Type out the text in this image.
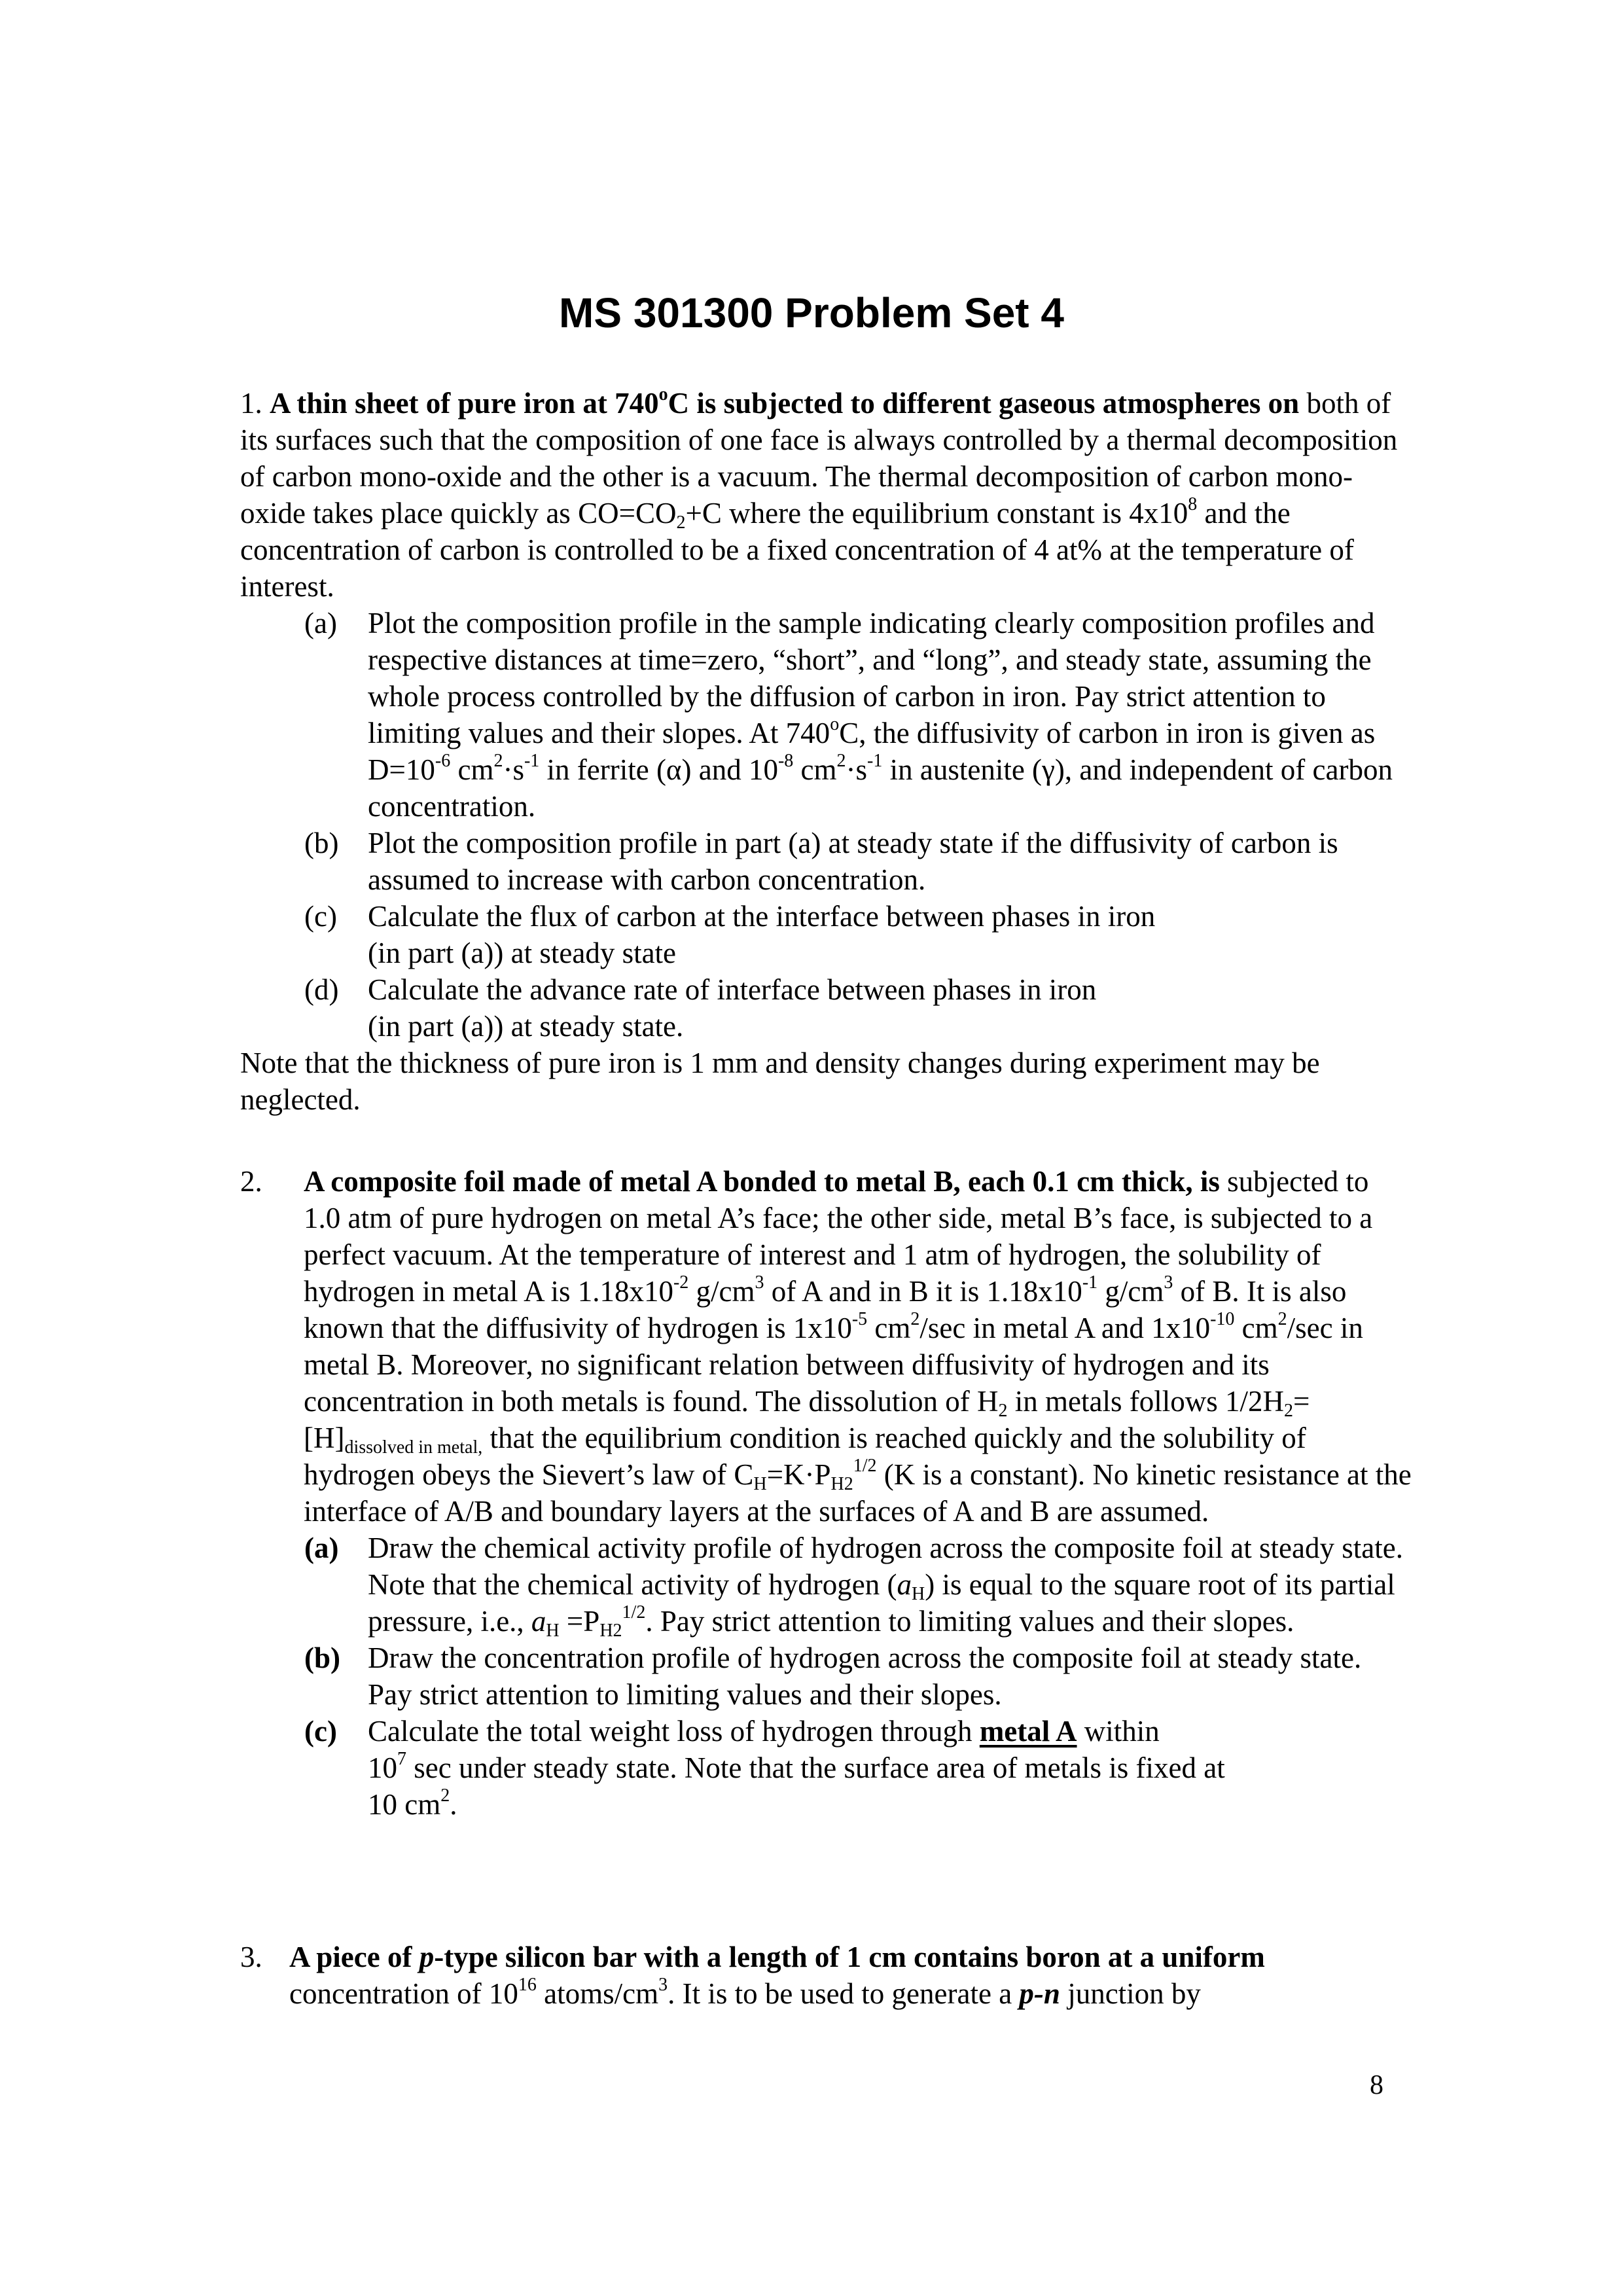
MS 301300 Problem Set 4

1. A thin sheet of pure iron at 740$^o$C is subjected to different gaseous atmospheres on both of its surfaces such that the composition of one face is always controlled by a thermal decomposition of carbon mono-oxide and the other is a vacuum. The thermal decomposition of carbon mono-oxide takes place quickly as $CO=CO_2+C$ where the equilibrium constant is $4x10^8$ and the concentration of carbon is controlled to be a fixed concentration of 4 at% at the temperature of interest.

(a) Plot the composition profile in the sample indicating clearly composition profiles and respective distances at time=zero, “short”, and “long”, and steady state, assuming the whole process controlled by the diffusion of carbon in iron. Pay strict attention to limiting values and their slopes. At 740$^o$C, the diffusivity of carbon in iron is given as $D=10^{-6}$ $cm^2\cdot s^{-1}$ in ferrite (α) and $10^{-8}$ $cm^2\cdot s^{-1}$ in austenite (γ), and independent of carbon concentration.
(b) Plot the composition profile in part (a) at steady state if the diffusivity of carbon is assumed to increase with carbon concentration.
(c) Calculate the flux of carbon at the interface between phases in iron
(in part (a)) at steady state
(d) Calculate the advance rate of interface between phases in iron
(in part (a)) at steady state.

Note that the thickness of pure iron is 1 mm and density changes during experiment may be neglected.

2. A composite foil made of metal A bonded to metal B, each 0.1 cm thick, is subjected to 1.0 atm of pure hydrogen on metal A’s face; the other side, metal B’s face, is subjected to a perfect vacuum. At the temperature of interest and 1 atm of hydrogen, the solubility of hydrogen in metal A is $1.18x10^{-2}$ $g/cm^3$ of A and in B it is $1.18x10^{-1}$ $g/cm^3$ of B. It is also known that the diffusivity of hydrogen is $1x10^{-5}$ $cm^2/\sec$ in metal A and $1x10^{-10}$ $cm^2/\sec$ in metal B. Moreover, no significant relation between diffusivity of hydrogen and its concentration in both metals is found. The dissolution of $H_2$ in metals follows $1/2H_2= [H]_{dissolved in metal,}$ that the equilibrium condition is reached quickly and the solubility of hydrogen obeys the Sievert’s law of $C_H=K\cdot P_{H2}^{1/2}$ (K is a constant). No kinetic resistance at the interface of A/B and boundary layers at the surfaces of A and B are assumed.
(a) Draw the chemical activity profile of hydrogen across the composite foil at steady state. Note that the chemical activity of hydrogen $(a_H)$ is equal to the square root of its partial pressure, i.e., $a_H =P_{H2}^{1/2}$. Pay strict attention to limiting values and their slopes.
(b) Draw the concentration profile of hydrogen across the composite foil at steady state. Pay strict attention to limiting values and their slopes.
(c) Calculate the total weight loss of hydrogen through metal A within
$10^7$ sec under steady state. Note that the surface area of metals is fixed at
10 $cm^2$.
3. A piece of p-type silicon bar with a length of 1 cm contains boron at a uniform
concentration of $10^{16}$ atoms/$cm^3$. It is to be used to generate a p-n junction by
8
